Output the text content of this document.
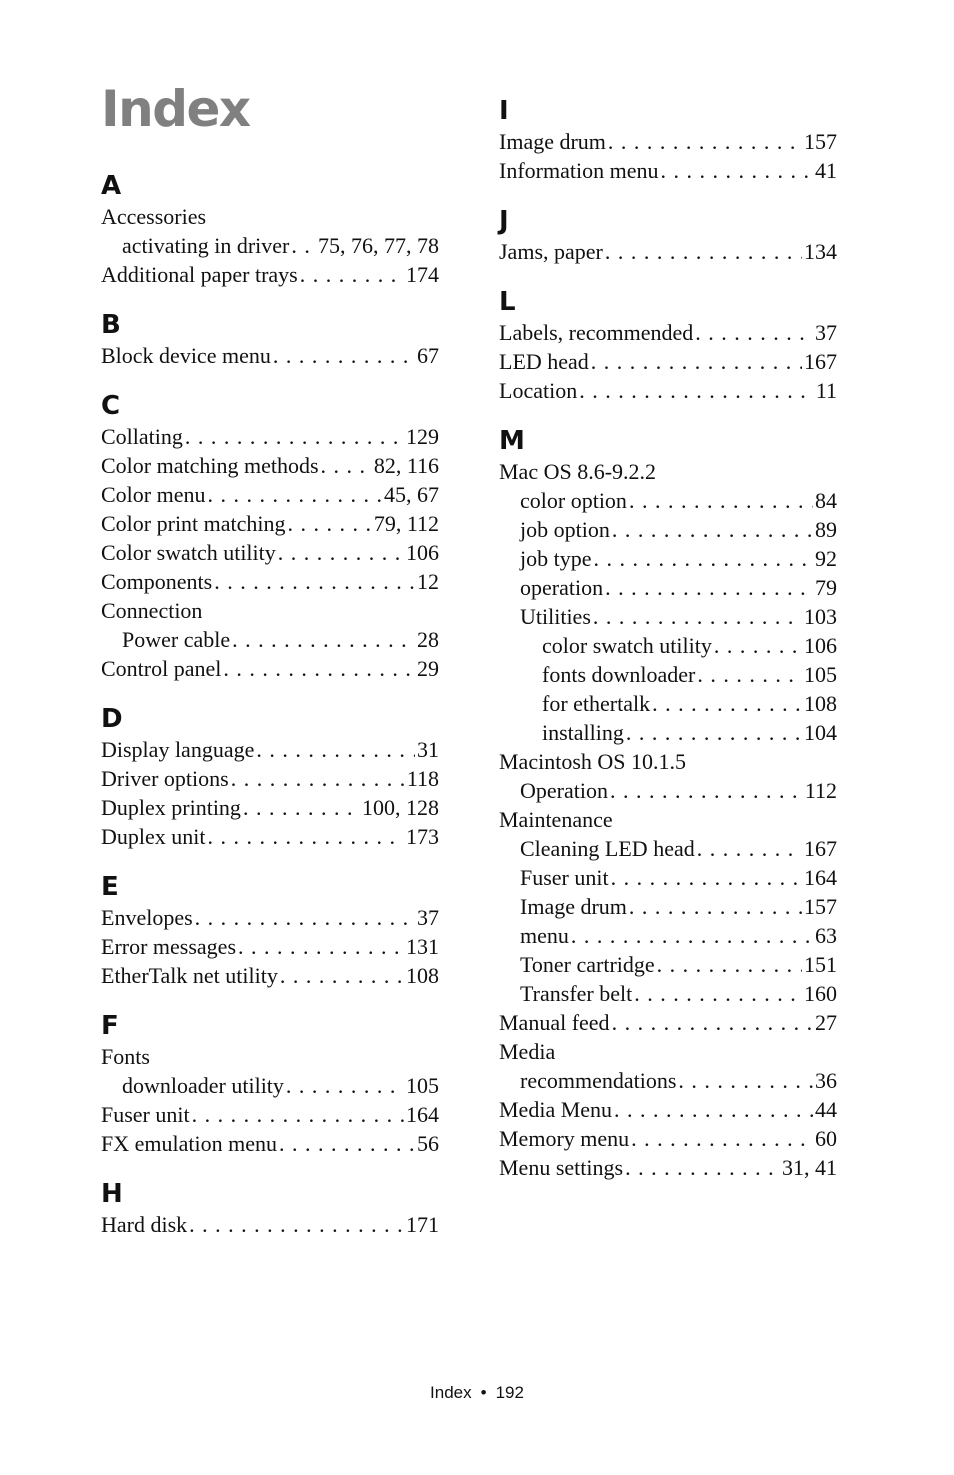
Index
A
Accessories
activating in driver . . . 75, 76, 77, 78
Additional paper trays . . .	174
B
Block device menu . . .	67
C
Collating . . .	129
Color matching methods . . .	82, 116
Color menu . . .	45, 67
Color print matching . . .	79, 112
Color swatch utility . . .	106
Components . . .	12
Connection
Power cable . . .	28
Control panel . . .	29
D
Display language . . .	31
Driver options . . .	118
Duplex printing . . .	100, 128
Duplex unit . . .	173
E
Envelopes . . .	37
Error messages . . .	131
EtherTalk net utility . . .	108
F
Fonts
downloader utility . . .	105
Fuser unit . . .	164
FX emulation menu . . .	56
H
Hard disk . . .	171
I
Image drum . . .	157
Information menu . . .	41
J
Jams, paper . . .	134
L
Labels, recommended . . .	37
LED head . . .	167
Location . . .	11
M
Mac OS 8.6-9.2.2
color option . . .	84
job option . . .	89
job type . . .	92
operation . . .	79
Utilities . . .	103
color swatch utility . . .	106
fonts downloader . . .	105
for ethertalk . . .	108
installing . . .	104
Macintosh OS 10.1.5
Operation . . .	112
Maintenance
Cleaning LED head . . .	167
Fuser unit . . .	164
Image drum . . .	157
menu . . .	63
Toner cartridge . . .	151
Transfer belt . . .	160
Manual feed . . .	27
Media
recommendations . . .	36
Media Menu . . .	44
Memory menu . . .	60
Menu settings . . .	31, 41
Index • 192
